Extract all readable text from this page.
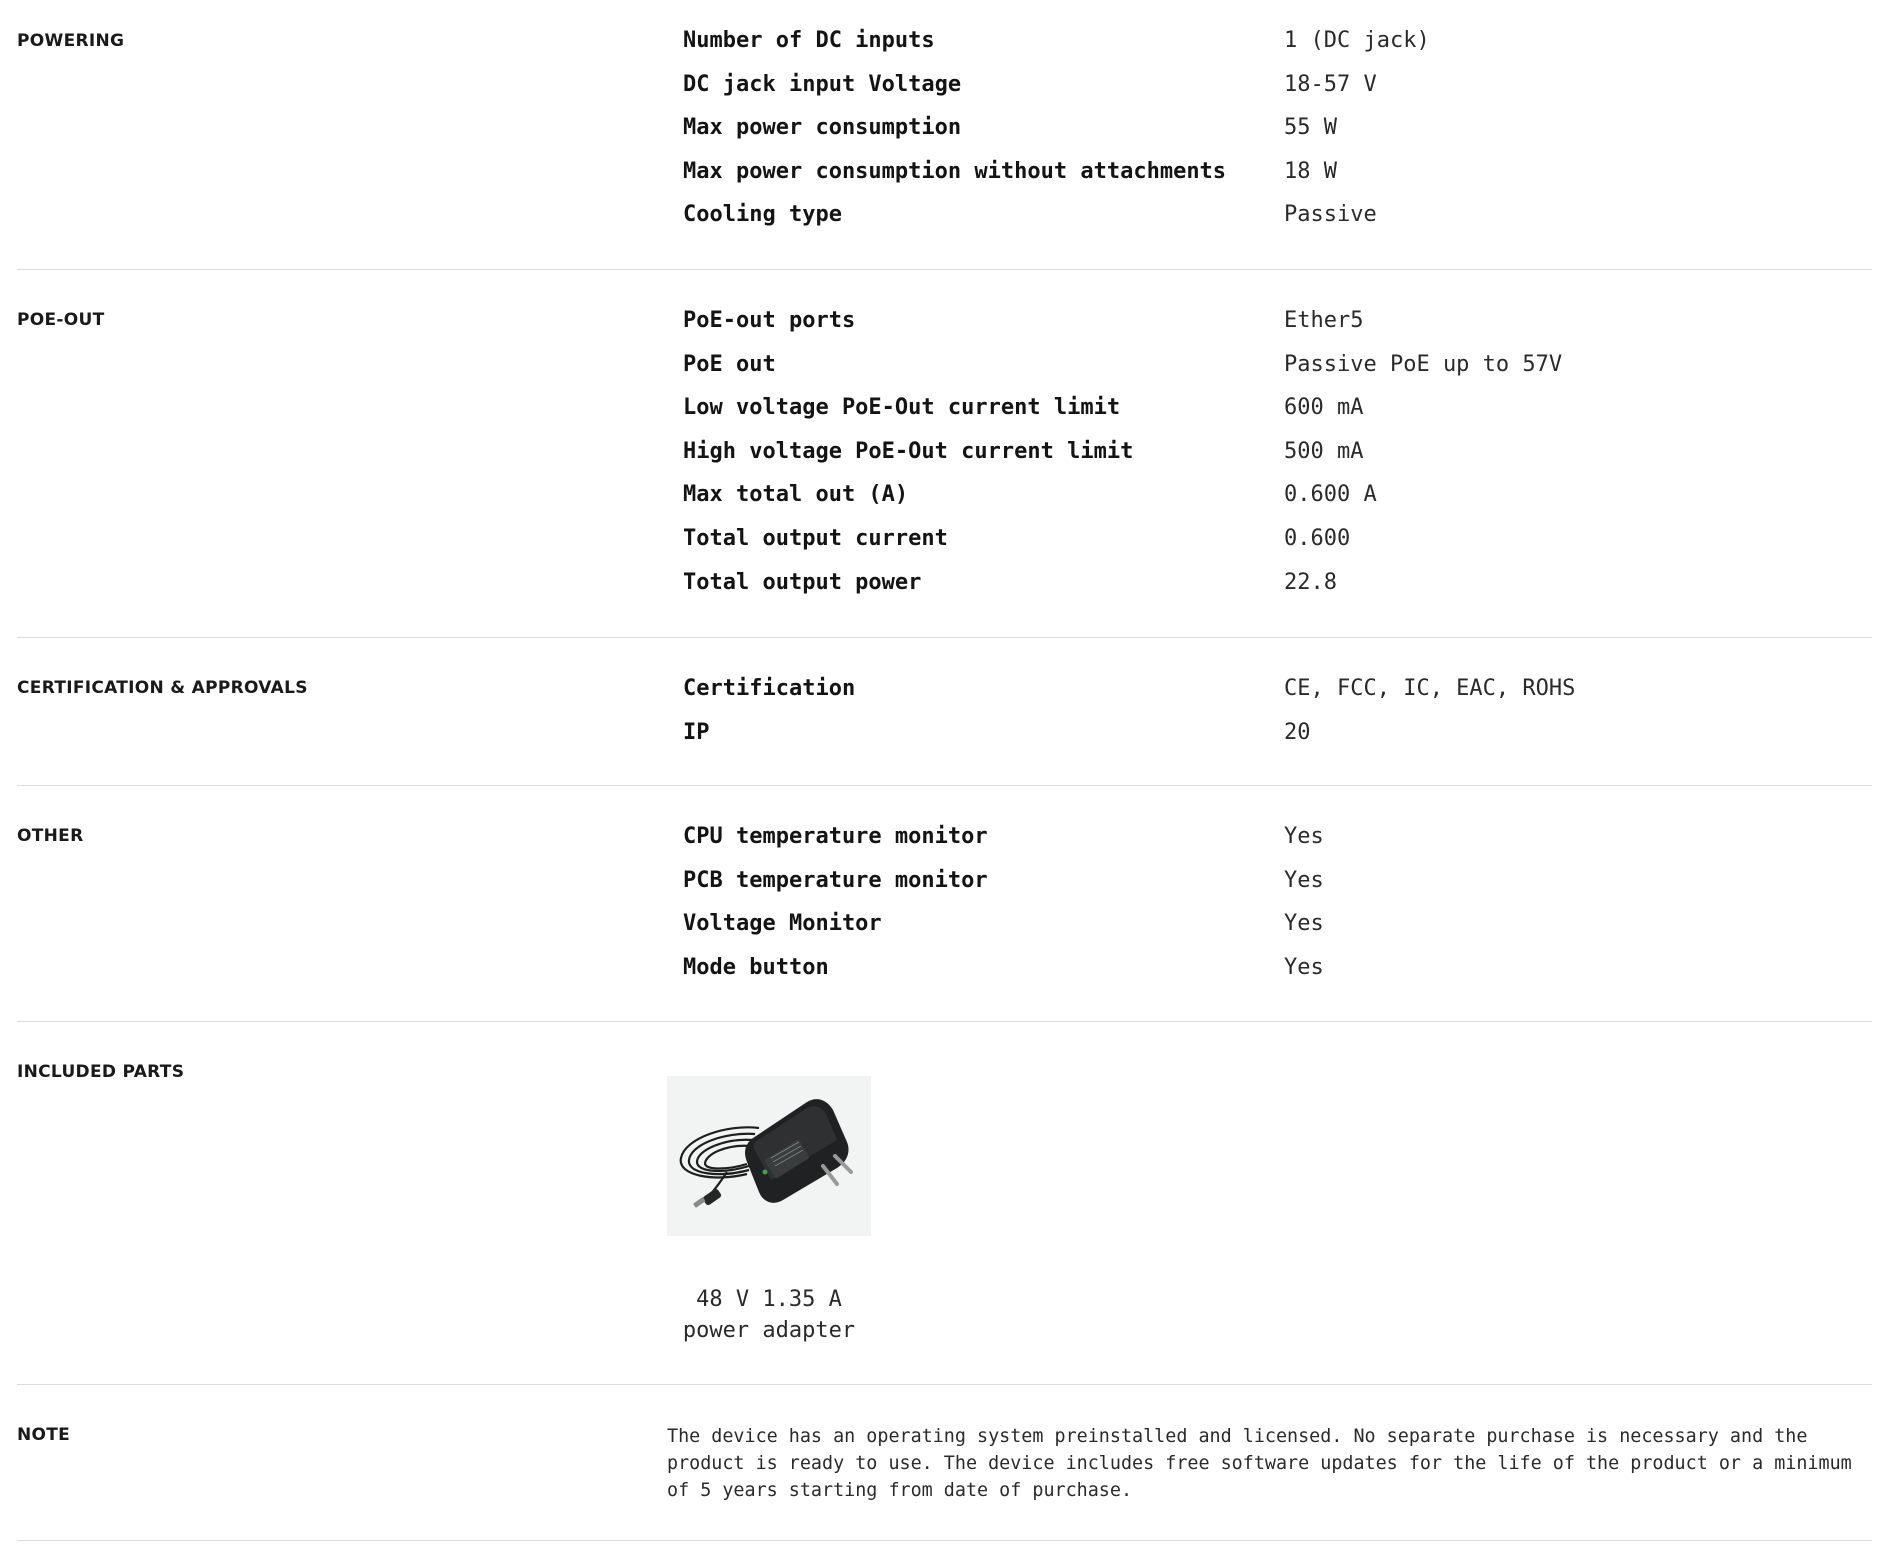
POWERING	Number of DC inputs	1 (DC jack)
DC jack input Voltage	18-57 V
Max power consumption	55 W
Max power consumption without attachments	18 W
Cooling type	Passive
POE-OUT	PoE-out ports	Ether5
PoE out	Passive PoE up to 57V
Low voltage PoE-Out current limit	600 mA
High voltage PoE-Out current limit	500 mA
Max total out (A)	0.600 A
Total output current	0.600
Total output power	22.8
CERTIFICATION & APPROVALS	Certification	CE, FCC, IC, EAC, ROHS
IP	20
OTHER	CPU temperature monitor	Yes
PCB temperature monitor	Yes
Voltage Monitor	Yes
Mode button	Yes
INCLUDED PARTS
48 V 1.35 A
power adapter
NOTE	The device has an operating system preinstalled and licensed. No separate purchase is necessary and the product is ready to use. The device includes free software updates for the life of the product or a minimum of 5 years starting from date of purchase.
